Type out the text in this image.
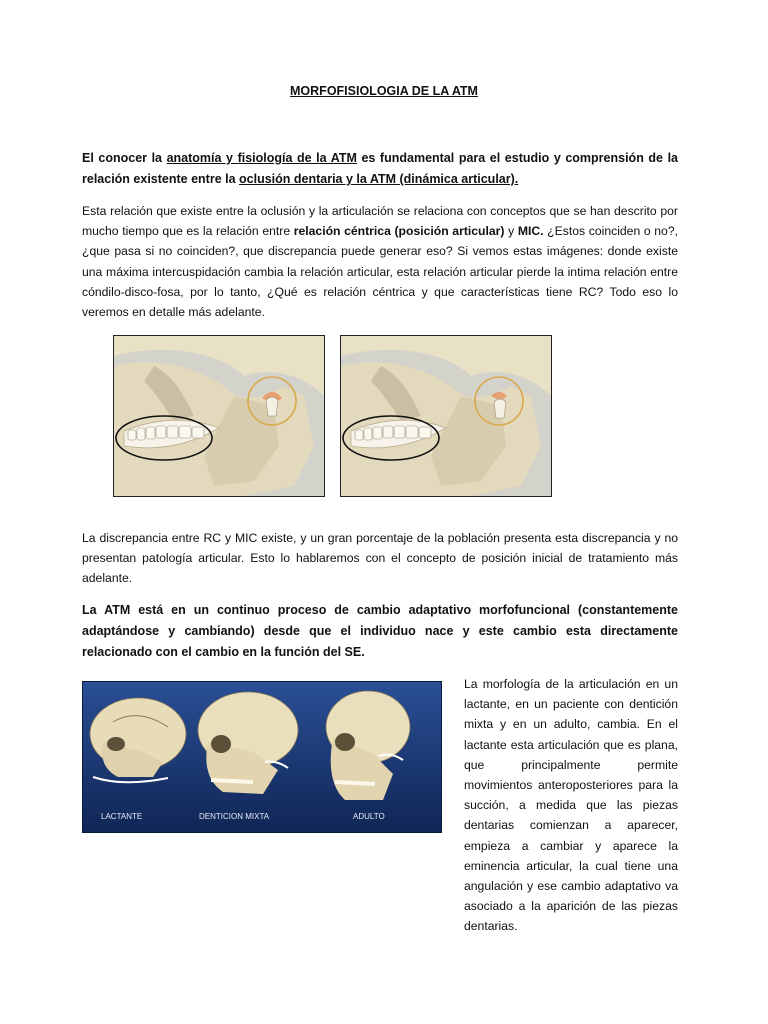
MORFOFISIOLOGIA DE LA ATM

El conocer la anatomía y fisiología de la ATM es fundamental para el estudio y comprensión de la relación existente entre la oclusión dentaria y la ATM (dinámica articular).

Esta relación que existe entre la oclusión y la articulación se relaciona con conceptos que se han descrito por mucho tiempo que es la relación entre relación céntrica (posición articular) y MIC. ¿Estos coinciden o no?, ¿que pasa si no coinciden?, que discrepancia puede generar eso? Si vemos estas imágenes: donde existe una máxima intercuspidación cambia la relación articular, esta relación articular pierde la intima relación entre cóndilo-disco-fosa, por lo tanto, ¿Qué es relación céntrica y que características tiene RC? Todo eso lo veremos en detalle más adelante.

La discrepancia entre RC y MIC existe, y un gran porcentaje de la población presenta esta discrepancia y no presentan patología articular. Esto lo hablaremos con el concepto de posición inicial de tratamiento más adelante.

La ATM está en un continuo proceso de cambio adaptativo morfofuncional (constantemente adaptándose y cambiando) desde que el individuo nace y este cambio esta directamente relacionado con el cambio en la función del SE.

LACTANTE	DENTICION MIXTA	ADULTO

La morfología de la articulación en un lactante, en un paciente con dentición mixta y en un adulto, cambia. En el lactante esta articulación que es plana, que principalmente permite movimientos anteroposteriores para la succión, a medida que las piezas dentarias comienzan a aparecer, empieza a cambiar y aparece la eminencia articular, la cual tiene una angulación y ese cambio adaptativo va asociado a la aparición de las piezas dentarias.
